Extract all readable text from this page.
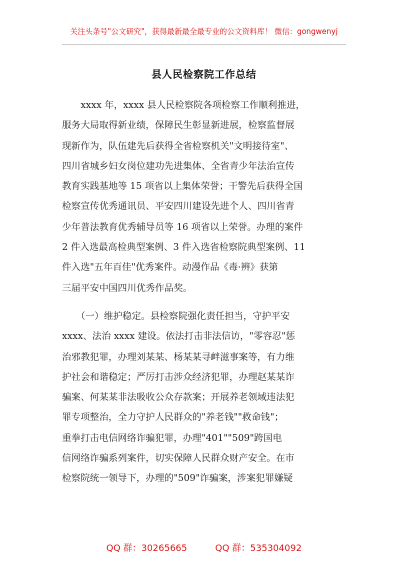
关注头条号"公文研究"，获得最新最全最专业的公文资料库！ 微信：gongwenyj
县人民检察院工作总结
　　xxxx 年，xxxx 县人民检察院各项检察工作顺利推进，
服务大局取得新业绩，保障民生彰显新进展，检察监督展
现新作为，队伍建先后获得全省检察机关"文明接待室"、
四川省城乡妇女岗位建功先进集体、全省青少年法治宣传
教育实践基地等 15 项省以上集体荣誉；干警先后获得全国
检察宣传优秀通讯员、平安四川建设先进个人、四川省青
少年普法教育优秀辅导员等 16 项省以上荣誉。办理的案件
2 件入选最高检典型案例、3 件入选省检察院典型案例、11
件入选"五年百佳"优秀案件。动漫作品《毒·辨》获第
三届平安中国四川优秀作品奖。
　　（一）维护稳定。县检察院强化责任担当，守护平安
xxxx、法治 xxxx 建设。依法打击非法信访，"零容忍"惩
治邪教犯罪，办理刘某某、杨某某寻衅滋事案等，有力维
护社会和谐稳定；严厉打击涉众经济犯罪，办理赵某某诈
骗案、何某某非法吸收公众存款案；开展养老领域违法犯
罪专项整治，全力守护人民群众的"养老钱""救命钱"；
重拳打击电信网络诈骗犯罪，办理"401""509"跨国电
信网络诈骗系列案件，切实保障人民群众财产安全。在市
检察院统一领导下，办理的"509"诈骗案，涉案犯罪嫌疑
QQ 群：30265665	QQ 群：535304092
